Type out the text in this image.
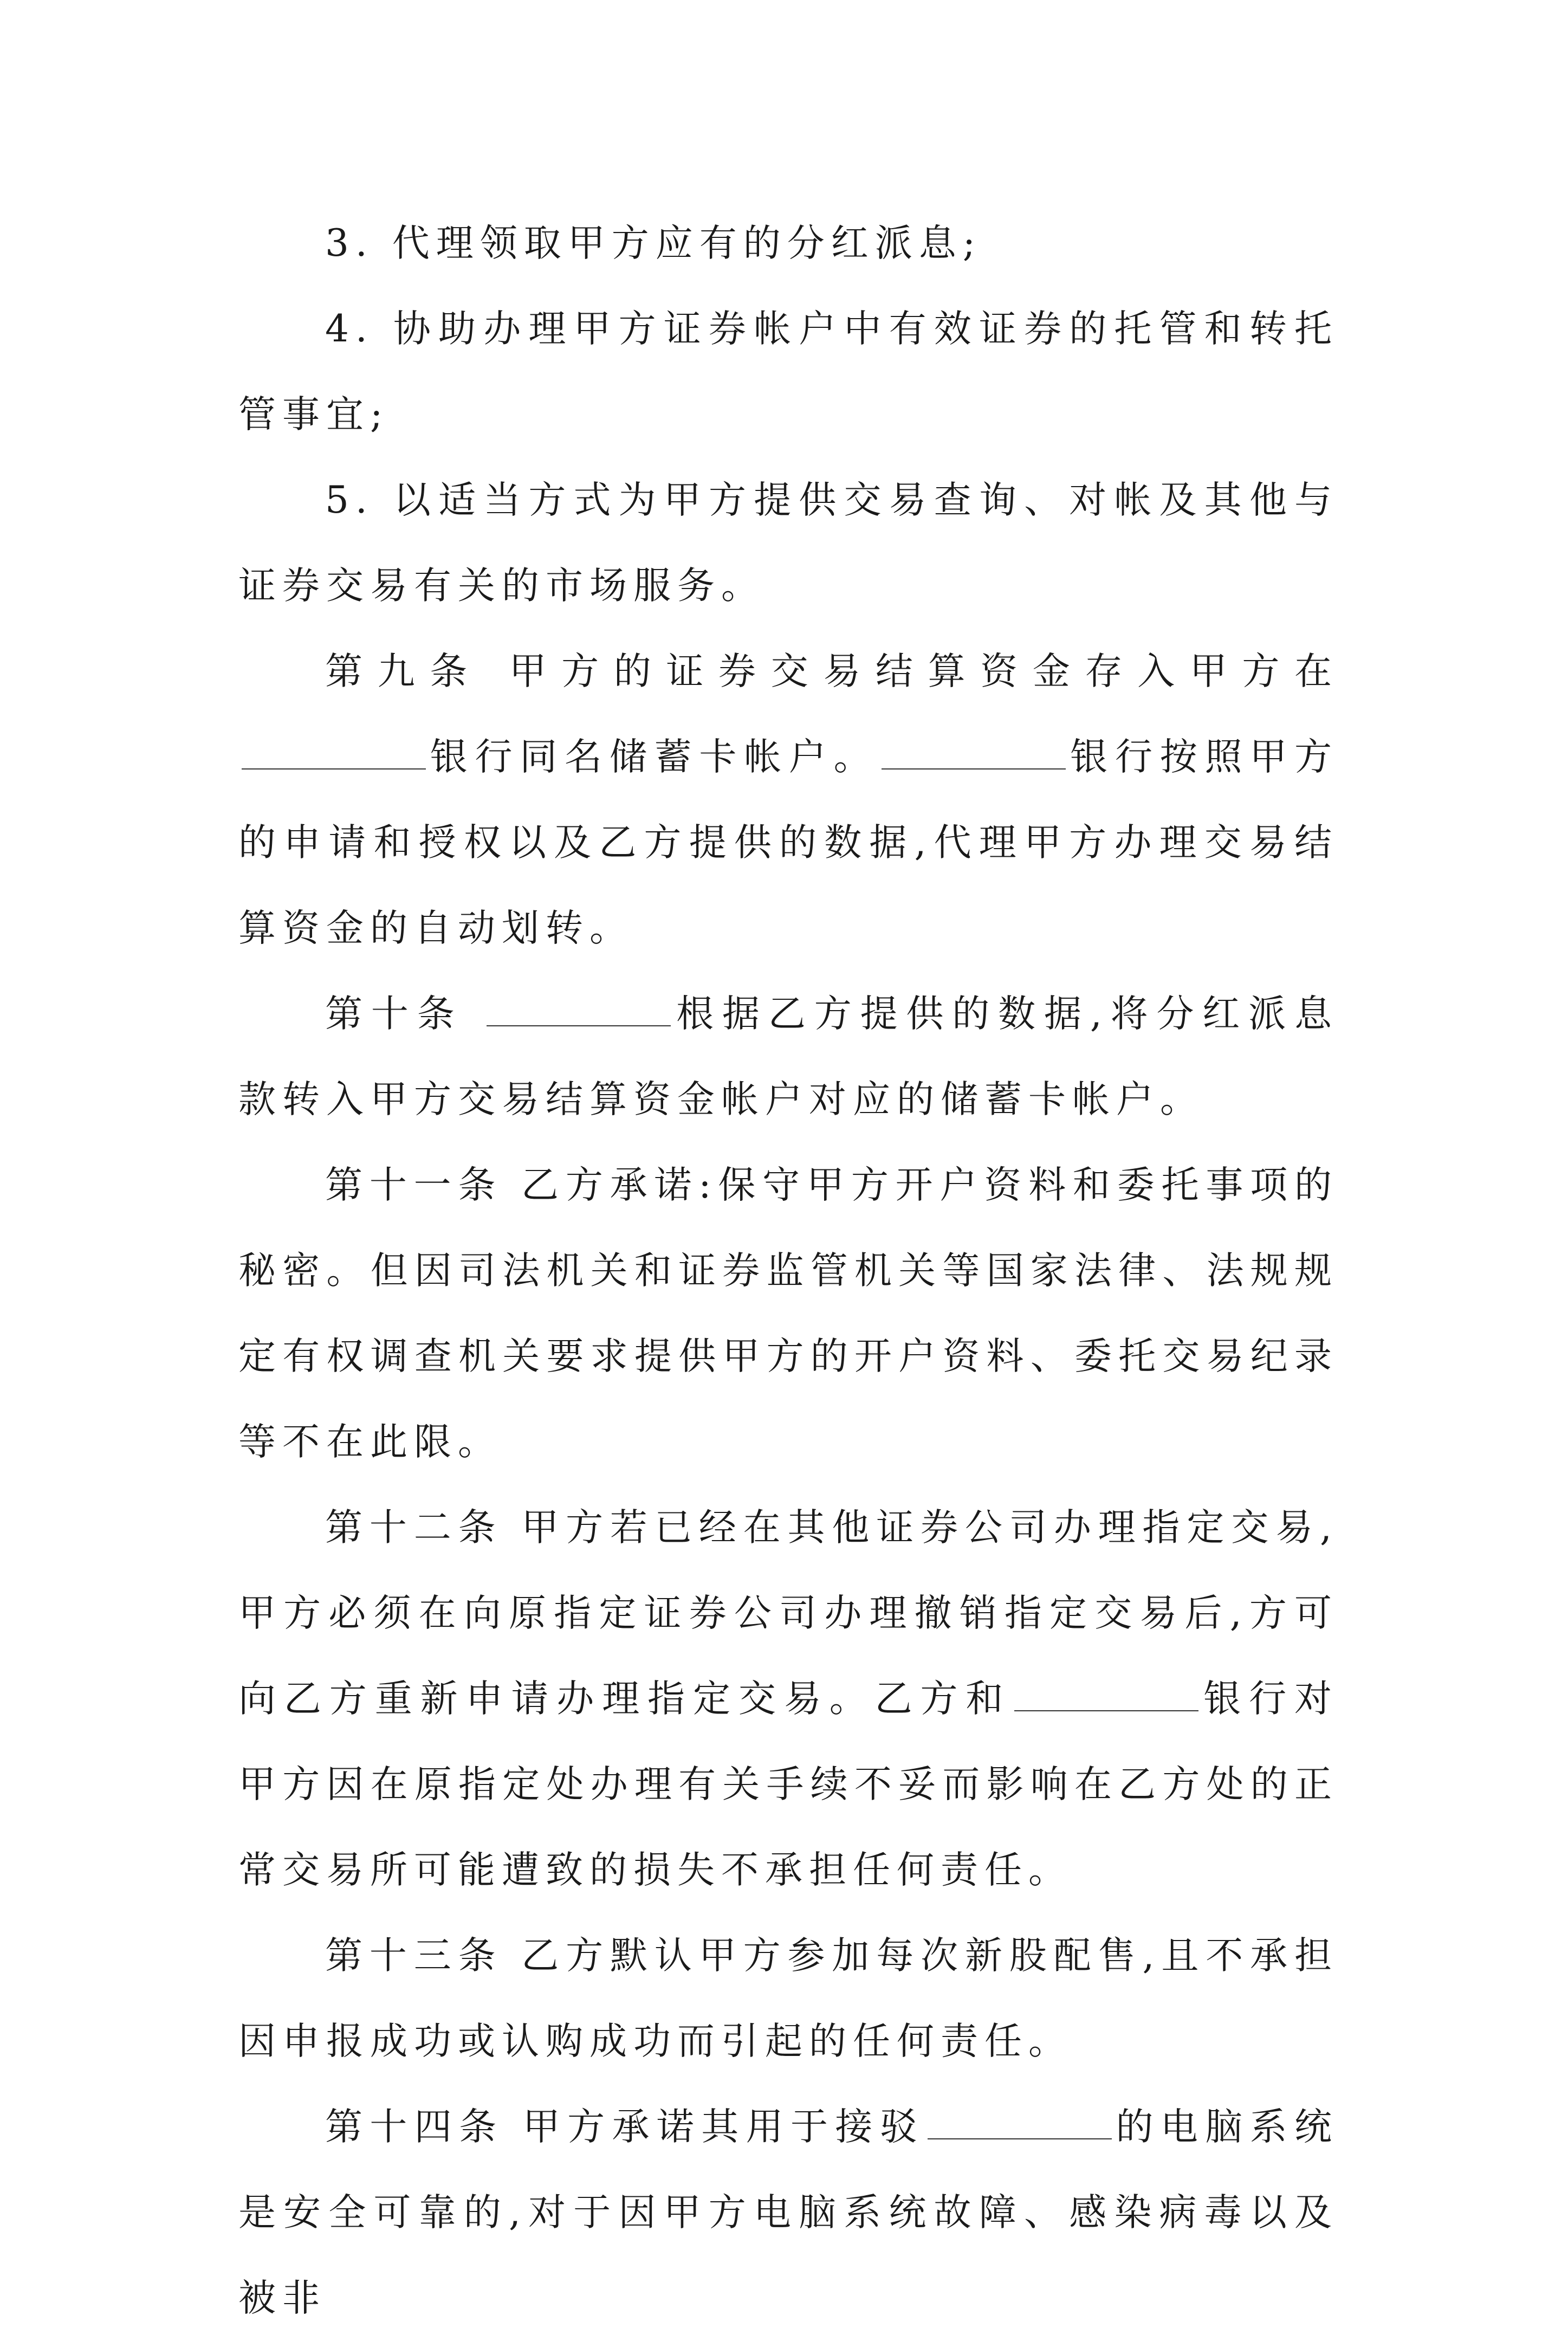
3. 代理领取甲方应有的分红派息;

4. 协助办理甲方证券帐户中有效证券的托管和转托管事宜;

5. 以适当方式为甲方提供交易查询、对帐及其他与证券交易有关的市场服务。

第九条 甲方的证券交易结算资金存入甲方在银行同名储蓄卡帐户。	银行按照甲方的申请和授权以及乙方提供的数据,代理甲方办理交易结算资金的自动划转。

第十条	根据乙方提供的数据,将分红派息款转入甲方交易结算资金帐户对应的储蓄卡帐户。

第十一条 乙方承诺:保守甲方开户资料和委托事项的秘密。但因司法机关和证券监管机关等国家法律、法规规定有权调查机关要求提供甲方的开户资料、委托交易纪录等不在此限。

第十二条 甲方若已经在其他证券公司办理指定交易,甲方必须在向原指定证券公司办理撤销指定交易后,方可向乙方重新申请办理指定交易。乙方和	银行对甲方因在原指定处办理有关手续不妥而影响在乙方处的正常交易所可能遭致的损失不承担任何责任。

第十三条 乙方默认甲方参加每次新股配售,且不承担因申报成功或认购成功而引起的任何责任。

第十四条 甲方承诺其用于接驳	的电脑系统是安全可靠的,对于因甲方电脑系统故障、感染病毒以及被非
